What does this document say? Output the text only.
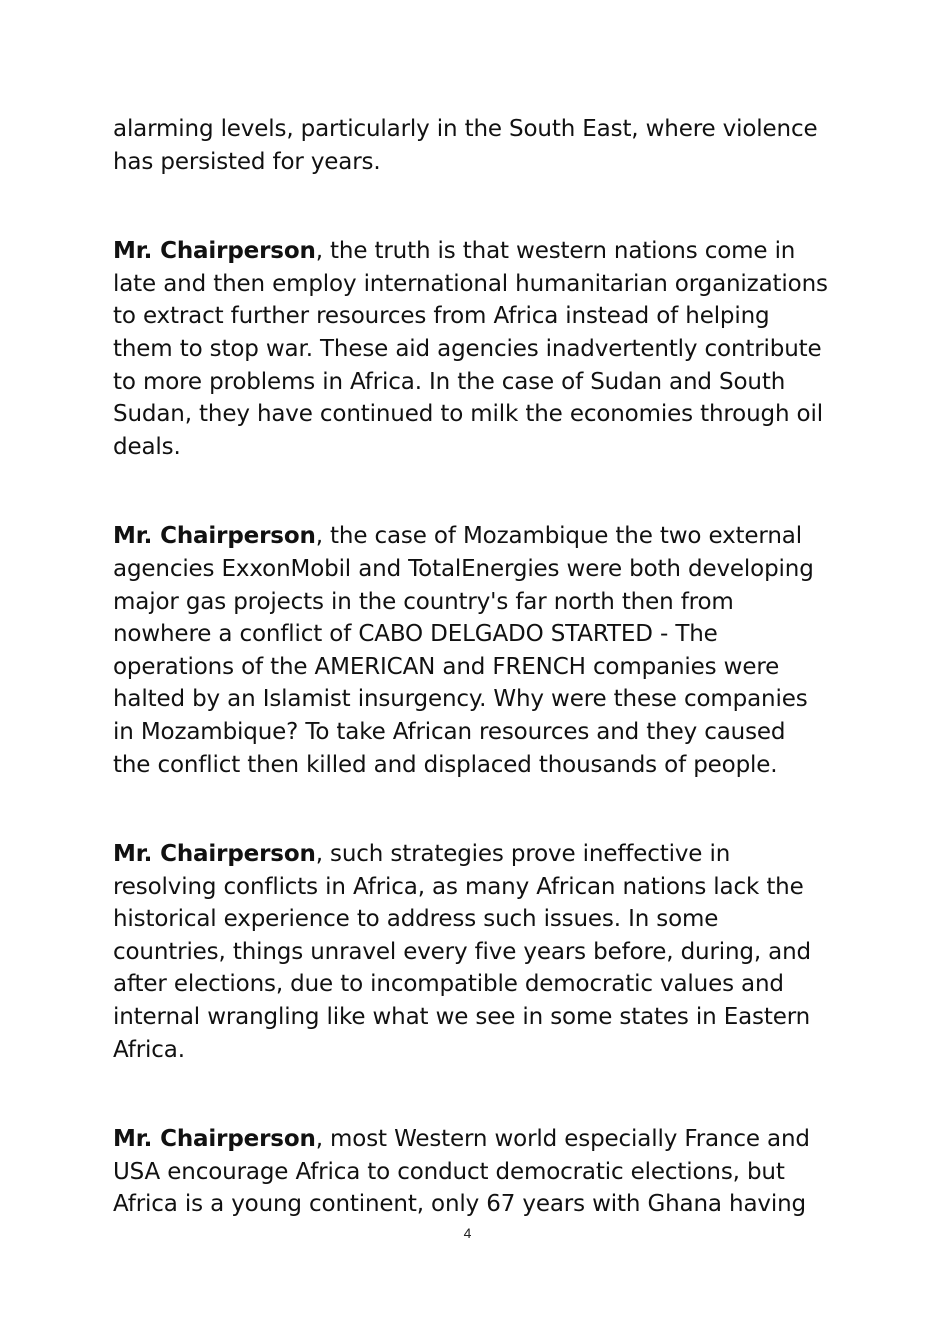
alarming levels, particularly in the South East, where violence has persisted for years.

Mr. Chairperson, the truth is that western nations come in late and then employ international humanitarian organizations to extract further resources from Africa instead of helping them to stop war. These aid agencies inadvertently contribute to more problems in Africa. In the case of Sudan and South Sudan, they have continued to milk the economies through oil deals.

Mr. Chairperson, the case of Mozambique the two external agencies ExxonMobil and TotalEnergies were both developing major gas projects in the country's far north then from nowhere a conflict of CABO DELGADO STARTED - The operations of the AMERICAN and FRENCH companies were halted by an Islamist insurgency. Why were these companies in Mozambique? To take African resources and they caused the conflict then killed and displaced thousands of people.

Mr. Chairperson, such strategies prove ineffective in resolving conflicts in Africa, as many African nations lack the historical experience to address such issues. In some countries, things unravel every five years before, during, and after elections, due to incompatible democratic values and internal wrangling like what we see in some states in Eastern Africa.

Mr. Chairperson, most Western world especially France and USA encourage Africa to conduct democratic elections, but Africa is a young continent, only 67 years with Ghana having

4
